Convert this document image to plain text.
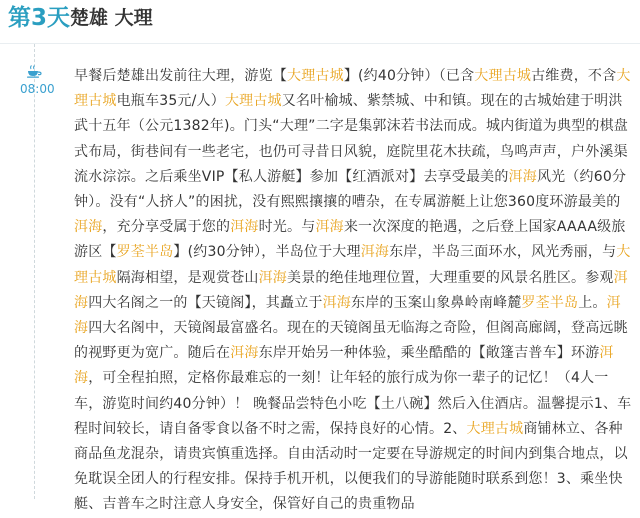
第3天 楚雄 大理
08:00
早餐后楚雄出发前往大理，游览【大理古城】(约40分钟）（已含大理古城古维费，不含大理古城电瓶车35元/人）大理古城又名叶榆城、紫禁城、中和镇。现在的古城始建于明洪武十五年（公元1382年)。门头“大理”二字是集郭沫若书法而成。城内街道为典型的棋盘式布局，街巷间有一些老宅，也仍可寻昔日风貌，庭院里花木扶疏，鸟鸣声声，户外溪渠流水淙淙。之后乘坐VIP【私人游艇】参加【红酒派对】去享受最美的洱海风光（约60分钟）。没有“人挤人”的困扰，没有熙熙攘攘的嘈杂，在专属游艇上让您360度环游最美的洱海，充分享受属于您的洱海时光。与洱海来一次深度的艳遇，之后登上国家AAAA级旅游区【罗荃半岛】(约30分钟），半岛位于大理洱海东岸，半岛三面环水，风光秀丽，与大理古城隔海相望，是观赏苍山洱海美景的绝佳地理位置，大理重要的风景名胜区。参观洱海四大名阁之一的【天镜阁】，其矗立于洱海东岸的玉案山象鼻岭南峰麓罗荃半岛上。洱海四大名阁中，天镜阁最富盛名。现在的天镜阁虽无临海之奇险，但阁高廊阔，登高远眺的视野更为宽广。随后在洱海东岸开始另一种体验，乘坐酷酷的【敞篷吉普车】环游洱海，可全程拍照，定格你最难忘的一刻！让年轻的旅行成为你一辈子的记忆！（4人一车，游览时间约40分钟）！ 晚餐品尝特色小吃【土八碗】然后入住酒店。温馨提示1、车程时间较长，请自备零食以备不时之需，保持良好的心情。2、大理古城商铺林立、各种商品鱼龙混杂，请贵宾慎重选择。自由活动时一定要在导游规定的时间内到集合地点，以免耽误全团人的行程安排。保持手机开机，以便我们的导游能随时联系到您！3、乘坐快艇、吉普车之时注意人身安全，保管好自己的贵重物品
